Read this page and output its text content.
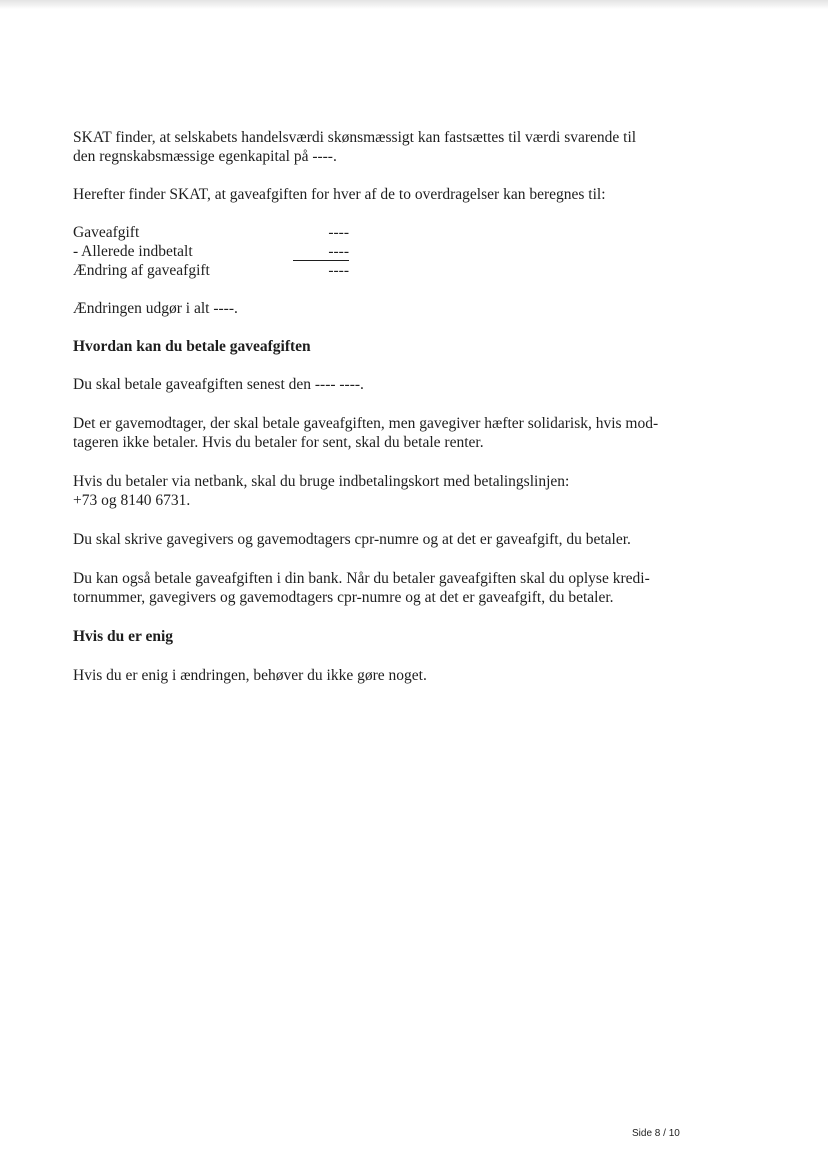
SKAT finder, at selskabets handelsværdi skønsmæssigt kan fastsættes til værdi svarende til
den regnskabsmæssige egenkapital på ----.

Herefter finder SKAT, at gaveafgiften for hver af de to overdragelser kan beregnes til:

Gaveafgift	----
- Allerede indbetalt	----
Ændring af gaveafgift	----

Ændringen udgør i alt ----.

Hvordan kan du betale gaveafgiften

Du skal betale gaveafgiften senest den ---- ----.

Det er gavemodtager, der skal betale gaveafgiften, men gavegiver hæfter solidarisk, hvis mod-
tageren ikke betaler. Hvis du betaler for sent, skal du betale renter.

Hvis du betaler via netbank, skal du bruge indbetalingskort med betalingslinjen:
+73 og 8140 6731.

Du skal skrive gavegivers og gavemodtagers cpr-numre og at det er gaveafgift, du betaler.

Du kan også betale gaveafgiften i din bank. Når du betaler gaveafgiften skal du oplyse kredi-
tornummer, gavegivers og gavemodtagers cpr-numre og at det er gaveafgift, du betaler.

Hvis du er enig

Hvis du er enig i ændringen, behøver du ikke gøre noget.

Side 8 / 10
